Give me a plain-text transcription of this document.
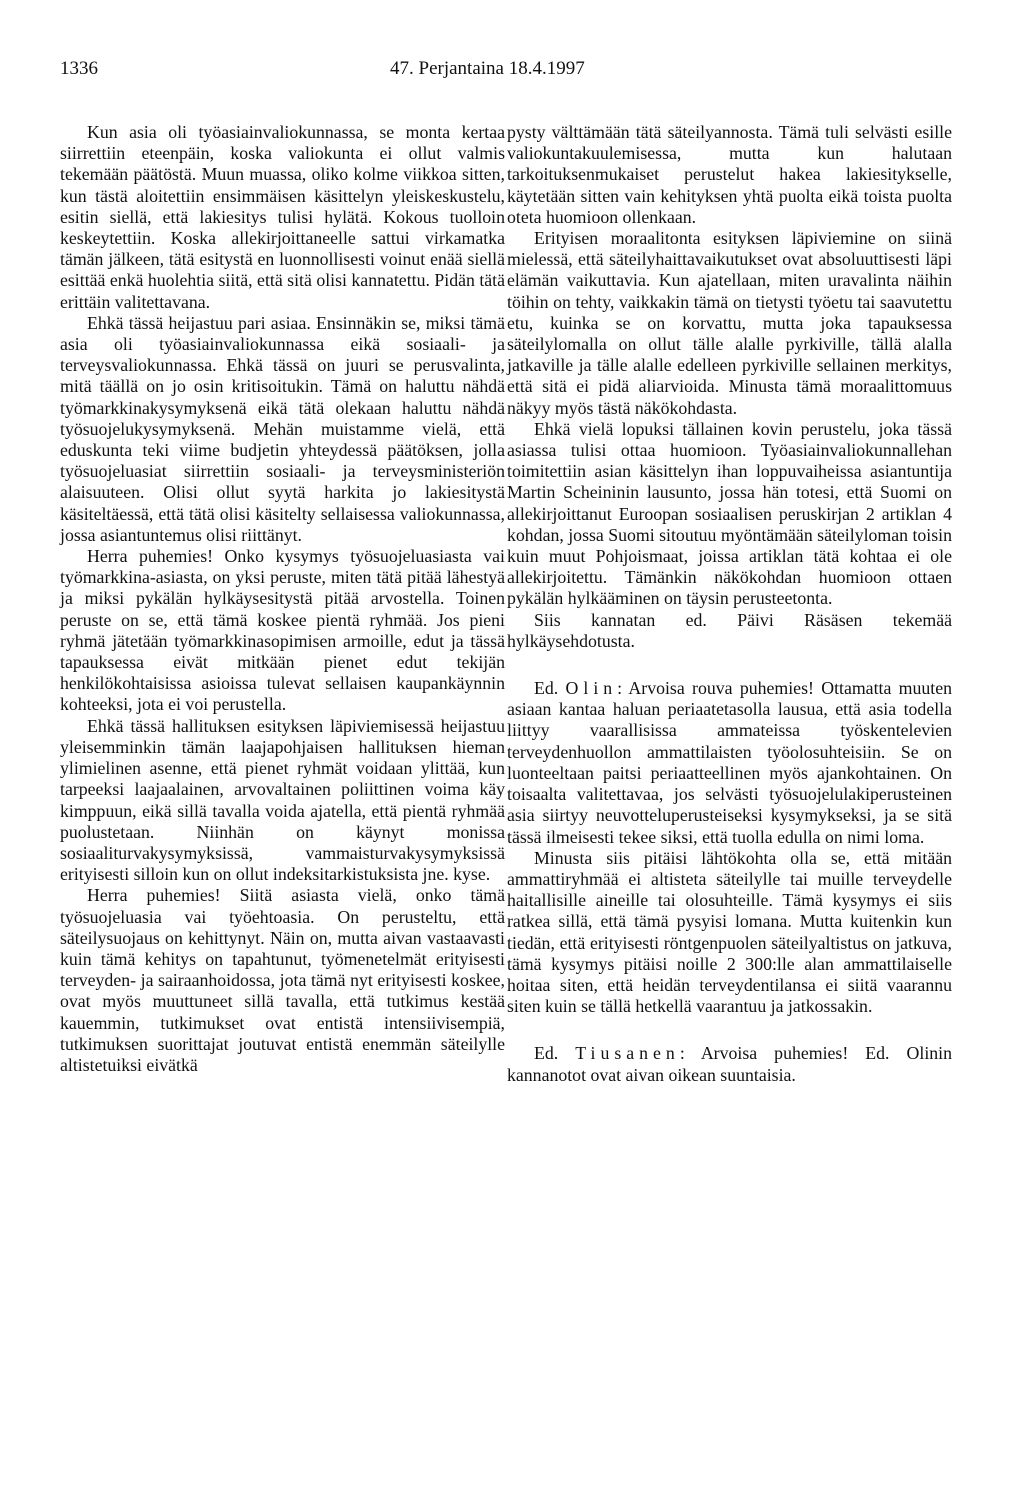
1336	47. Perjantaina 18.4.1997

Kun asia oli työasiainvaliokunnassa, se monta kertaa siirrettiin eteenpäin, koska valiokunta ei ollut valmis tekemään päätöstä. Muun muassa, oliko kolme viikkoa sitten, kun tästä aloitettiin ensimmäisen käsittelyn yleiskeskustelu, esitin siellä, että lakiesitys tulisi hylätä. Kokous tuolloin keskeytettiin. Koska allekirjoittaneelle sattui virkamatka tämän jälkeen, tätä esitystä en luonnollisesti voinut enää siellä esittää enkä huolehtia siitä, että sitä olisi kannatettu. Pidän tätä erittäin valitettavana.

Ehkä tässä heijastuu pari asiaa. Ensinnäkin se, miksi tämä asia oli työasiainvaliokunnassa eikä sosiaali- ja terveysvaliokunnassa. Ehkä tässä on juuri se perusvalinta, mitä täällä on jo osin kritisoitukin. Tämä on haluttu nähdä työmarkkinakysymyksenä eikä tätä olekaan haluttu nähdä työsuojelukysymyksenä. Mehän muistamme vielä, että eduskunta teki viime budjetin yhteydessä päätöksen, jolla työsuojeluasiat siirrettiin sosiaali- ja terveysministeriön alaisuuteen. Olisi ollut syytä harkita jo lakiesitystä käsiteltäessä, että tätä olisi käsitelty sellaisessa valiokunnassa, jossa asiantuntemus olisi riittänyt.

Herra puhemies! Onko kysymys työsuojeluasiasta vai työmarkkina-asiasta, on yksi peruste, miten tätä pitää lähestyä ja miksi pykälän hylkäysesitystä pitää arvostella. Toinen peruste on se, että tämä koskee pientä ryhmää. Jos pieni ryhmä jätetään työmarkkinasopimisen armoille, edut ja tässä tapauksessa eivät mitkään pienet edut tekijän henkilökohtaisissa asioissa tulevat sellaisen kaupankäynnin kohteeksi, jota ei voi perustella.

Ehkä tässä hallituksen esityksen läpiviemisessä heijastuu yleisemminkin tämän laajapohjaisen hallituksen hieman ylimielinen asenne, että pienet ryhmät voidaan ylittää, kun tarpeeksi laajaalainen, arvovaltainen poliittinen voima käy kimppuun, eikä sillä tavalla voida ajatella, että pientä ryhmää puolustetaan. Niinhän on käynyt monissa sosiaaliturvakysymyksissä, vammaisturvakysymyksissä erityisesti silloin kun on ollut indeksitarkistuksista jne. kyse.

Herra puhemies! Siitä asiasta vielä, onko tämä työsuojeluasia vai työehtoasia. On perusteltu, että säteilysuojaus on kehittynyt. Näin on, mutta aivan vastaavasti kuin tämä kehitys on tapahtunut, työmenetelmät erityisesti terveyden- ja sairaanhoidossa, jota tämä nyt erityisesti koskee, ovat myös muuttuneet sillä tavalla, että tutkimus kestää kauemmin, tutkimukset ovat entistä intensiivisempiä, tutkimuksen suorittajat joutuvat entistä enemmän säteilylle altistetuiksi eivätkä

pysty välttämään tätä säteilyannosta. Tämä tuli selvästi esille valiokuntakuulemisessa, mutta kun halutaan tarkoituksenmukaiset perustelut hakea lakiesitykselle, käytetään sitten vain kehityksen yhtä puolta eikä toista puolta oteta huomioon ollenkaan.

Erityisen moraalitonta esityksen läpiviemine on siinä mielessä, että säteilyhaittavaikutukset ovat absoluuttisesti läpi elämän vaikuttavia. Kun ajatellaan, miten uravalinta näihin töihin on tehty, vaikkakin tämä on tietysti työetu tai saavutettu etu, kuinka se on korvattu, mutta joka tapauksessa säteilylomalla on ollut tälle alalle pyrkiville, tällä alalla jatkaville ja tälle alalle edelleen pyrkiville sellainen merkitys, että sitä ei pidä aliarvioida. Minusta tämä moraalittomuus näkyy myös tästä näkökohdasta.

Ehkä vielä lopuksi tällainen kovin perustelu, joka tässä asiassa tulisi ottaa huomioon. Työasiainvaliokunnallehan toimitettiin asian käsittelyn ihan loppuvaiheissa asiantuntija Martin Scheininin lausunto, jossa hän totesi, että Suomi on allekirjoittanut Euroopan sosiaalisen peruskirjan 2 artiklan 4 kohdan, jossa Suomi sitoutuu myöntämään säteilyloman toisin kuin muut Pohjoismaat, joissa artiklan tätä kohtaa ei ole allekirjoitettu. Tämänkin näkökohdan huomioon ottaen pykälän hylkääminen on täysin perusteetonta.

Siis kannatan ed. Päivi Räsäsen tekemää hylkäysehdotusta.

Ed. Olin: Arvoisa rouva puhemies! Ottamatta muuten asiaan kantaa haluan periaatetasolla lausua, että asia todella liittyy vaarallisissa ammateissa työskentelevien terveydenhuollon ammattilaisten työolosuhteisiin. Se on luonteeltaan paitsi periaatteellinen myös ajankohtainen. On toisaalta valitettavaa, jos selvästi työsuojelulakiperusteinen asia siirtyy neuvotteluperusteiseksi kysymykseksi, ja se sitä tässä ilmeisesti tekee siksi, että tuolla edulla on nimi loma.

Minusta siis pitäisi lähtökohta olla se, että mitään ammattiryhmää ei altisteta säteilylle tai muille terveydelle haitallisille aineille tai olosuhteille. Tämä kysymys ei siis ratkea sillä, että tämä pysyisi lomana. Mutta kuitenkin kun tiedän, että erityisesti röntgenpuolen säteilyaltistus on jatkuva, tämä kysymys pitäisi noille 2 300:lle alan ammattilaiselle hoitaa siten, että heidän terveydentilansa ei siitä vaarannu siten kuin se tällä hetkellä vaarantuu ja jatkossakin.

Ed. Tiusanen: Arvoisa puhemies! Ed. Olinin kannanotot ovat aivan oikean suuntaisia.
